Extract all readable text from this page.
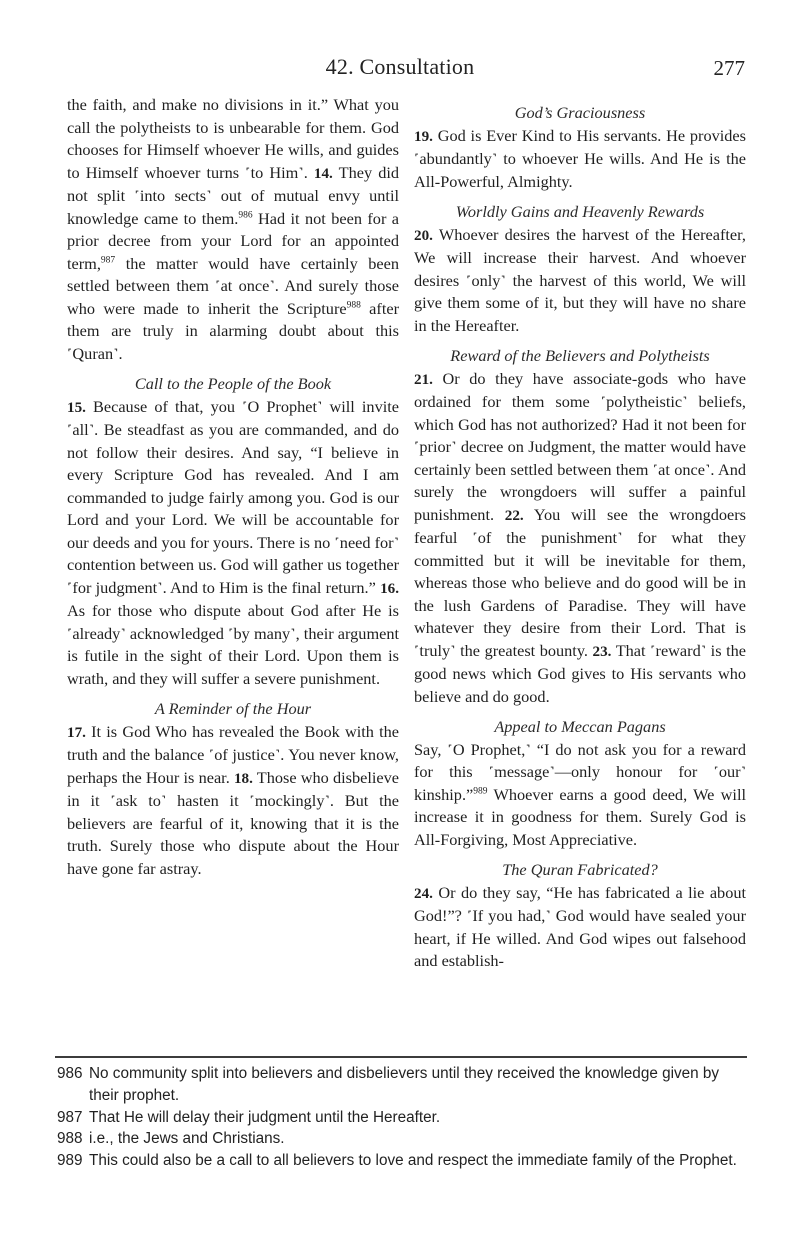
42. Consultation	277

the faith, and make no divisions in it.” What you call the polytheists to is unbearable for them. God chooses for Himself whoever He wills, and guides to Himself whoever turns ˹to Him˺. 14. They did not split ˹into sects˺ out of mutual envy until knowledge came to them.$^{986}$ Had it not been for a prior decree from your Lord for an appointed term,$^{987}$ the matter would have certainly been settled between them ˹at once˺. And surely those who were made to inherit the Scripture$^{988}$ after them are truly in alarming doubt about this ˹Quran˺.

Call to the People of the Book

15. Because of that, you ˹O Prophet˺ will invite ˹all˺. Be steadfast as you are commanded, and do not follow their desires. And say, “I believe in every Scripture God has revealed. And I am commanded to judge fairly among you. God is our Lord and your Lord. We will be accountable for our deeds and you for yours. There is no ˹need for˺ contention between us. God will gather us together ˹for judgment˺. And to Him is the final return.” 16. As for those who dispute about God after He is ˹already˺ acknowledged ˹by many˺, their argument is futile in the sight of their Lord. Upon them is wrath, and they will suffer a severe punishment.

A Reminder of the Hour

17. It is God Who has revealed the Book with the truth and the balance ˹of justice˺. You never know, perhaps the Hour is near. 18. Those who disbelieve in it ˹ask to˺ hasten it ˹mockingly˺. But the believers are fearful of it, knowing that it is the truth. Surely those who dispute about the Hour have gone far astray.

God’s Graciousness

19. God is Ever Kind to His servants. He provides ˹abundantly˺ to whoever He wills. And He is the All-Powerful, Almighty.

Worldly Gains and Heavenly Rewards

20. Whoever desires the harvest of the Hereafter, We will increase their harvest. And whoever desires ˹only˺ the harvest of this world, We will give them some of it, but they will have no share in the Hereafter.

Reward of the Believers and Polytheists

21. Or do they have associate-gods who have ordained for them some ˹polytheistic˺ beliefs, which God has not authorized? Had it not been for ˹prior˺ decree on Judgment, the matter would have certainly been settled between them ˹at once˺. And surely the wrongdoers will suffer a painful punishment. 22. You will see the wrongdoers fearful ˹of the punishment˺ for what they committed but it will be inevitable for them, whereas those who believe and do good will be in the lush Gardens of Paradise. They will have whatever they desire from their Lord. That is ˹truly˺ the greatest bounty. 23. That ˹reward˺ is the good news which God gives to His servants who believe and do good.

Appeal to Meccan Pagans

Say, ˹O Prophet,˺ “I do not ask you for a reward for this ˹message˺—only honour for ˹our˺ kinship.”$^{989}$ Whoever earns a good deed, We will increase it in goodness for them. Surely God is All-Forgiving, Most Appreciative.

The Quran Fabricated?

24. Or do they say, “He has fabricated a lie about God!”? ˹If you had,˺ God would have sealed your heart, if He willed. And God wipes out falsehood and establish-

986 No community split into believers and disbelievers until they received the knowledge given by their prophet.
987 That He will delay their judgment until the Hereafter.
988 i.e., the Jews and Christians.
989 This could also be a call to all believers to love and respect the immediate family of the Prophet.
